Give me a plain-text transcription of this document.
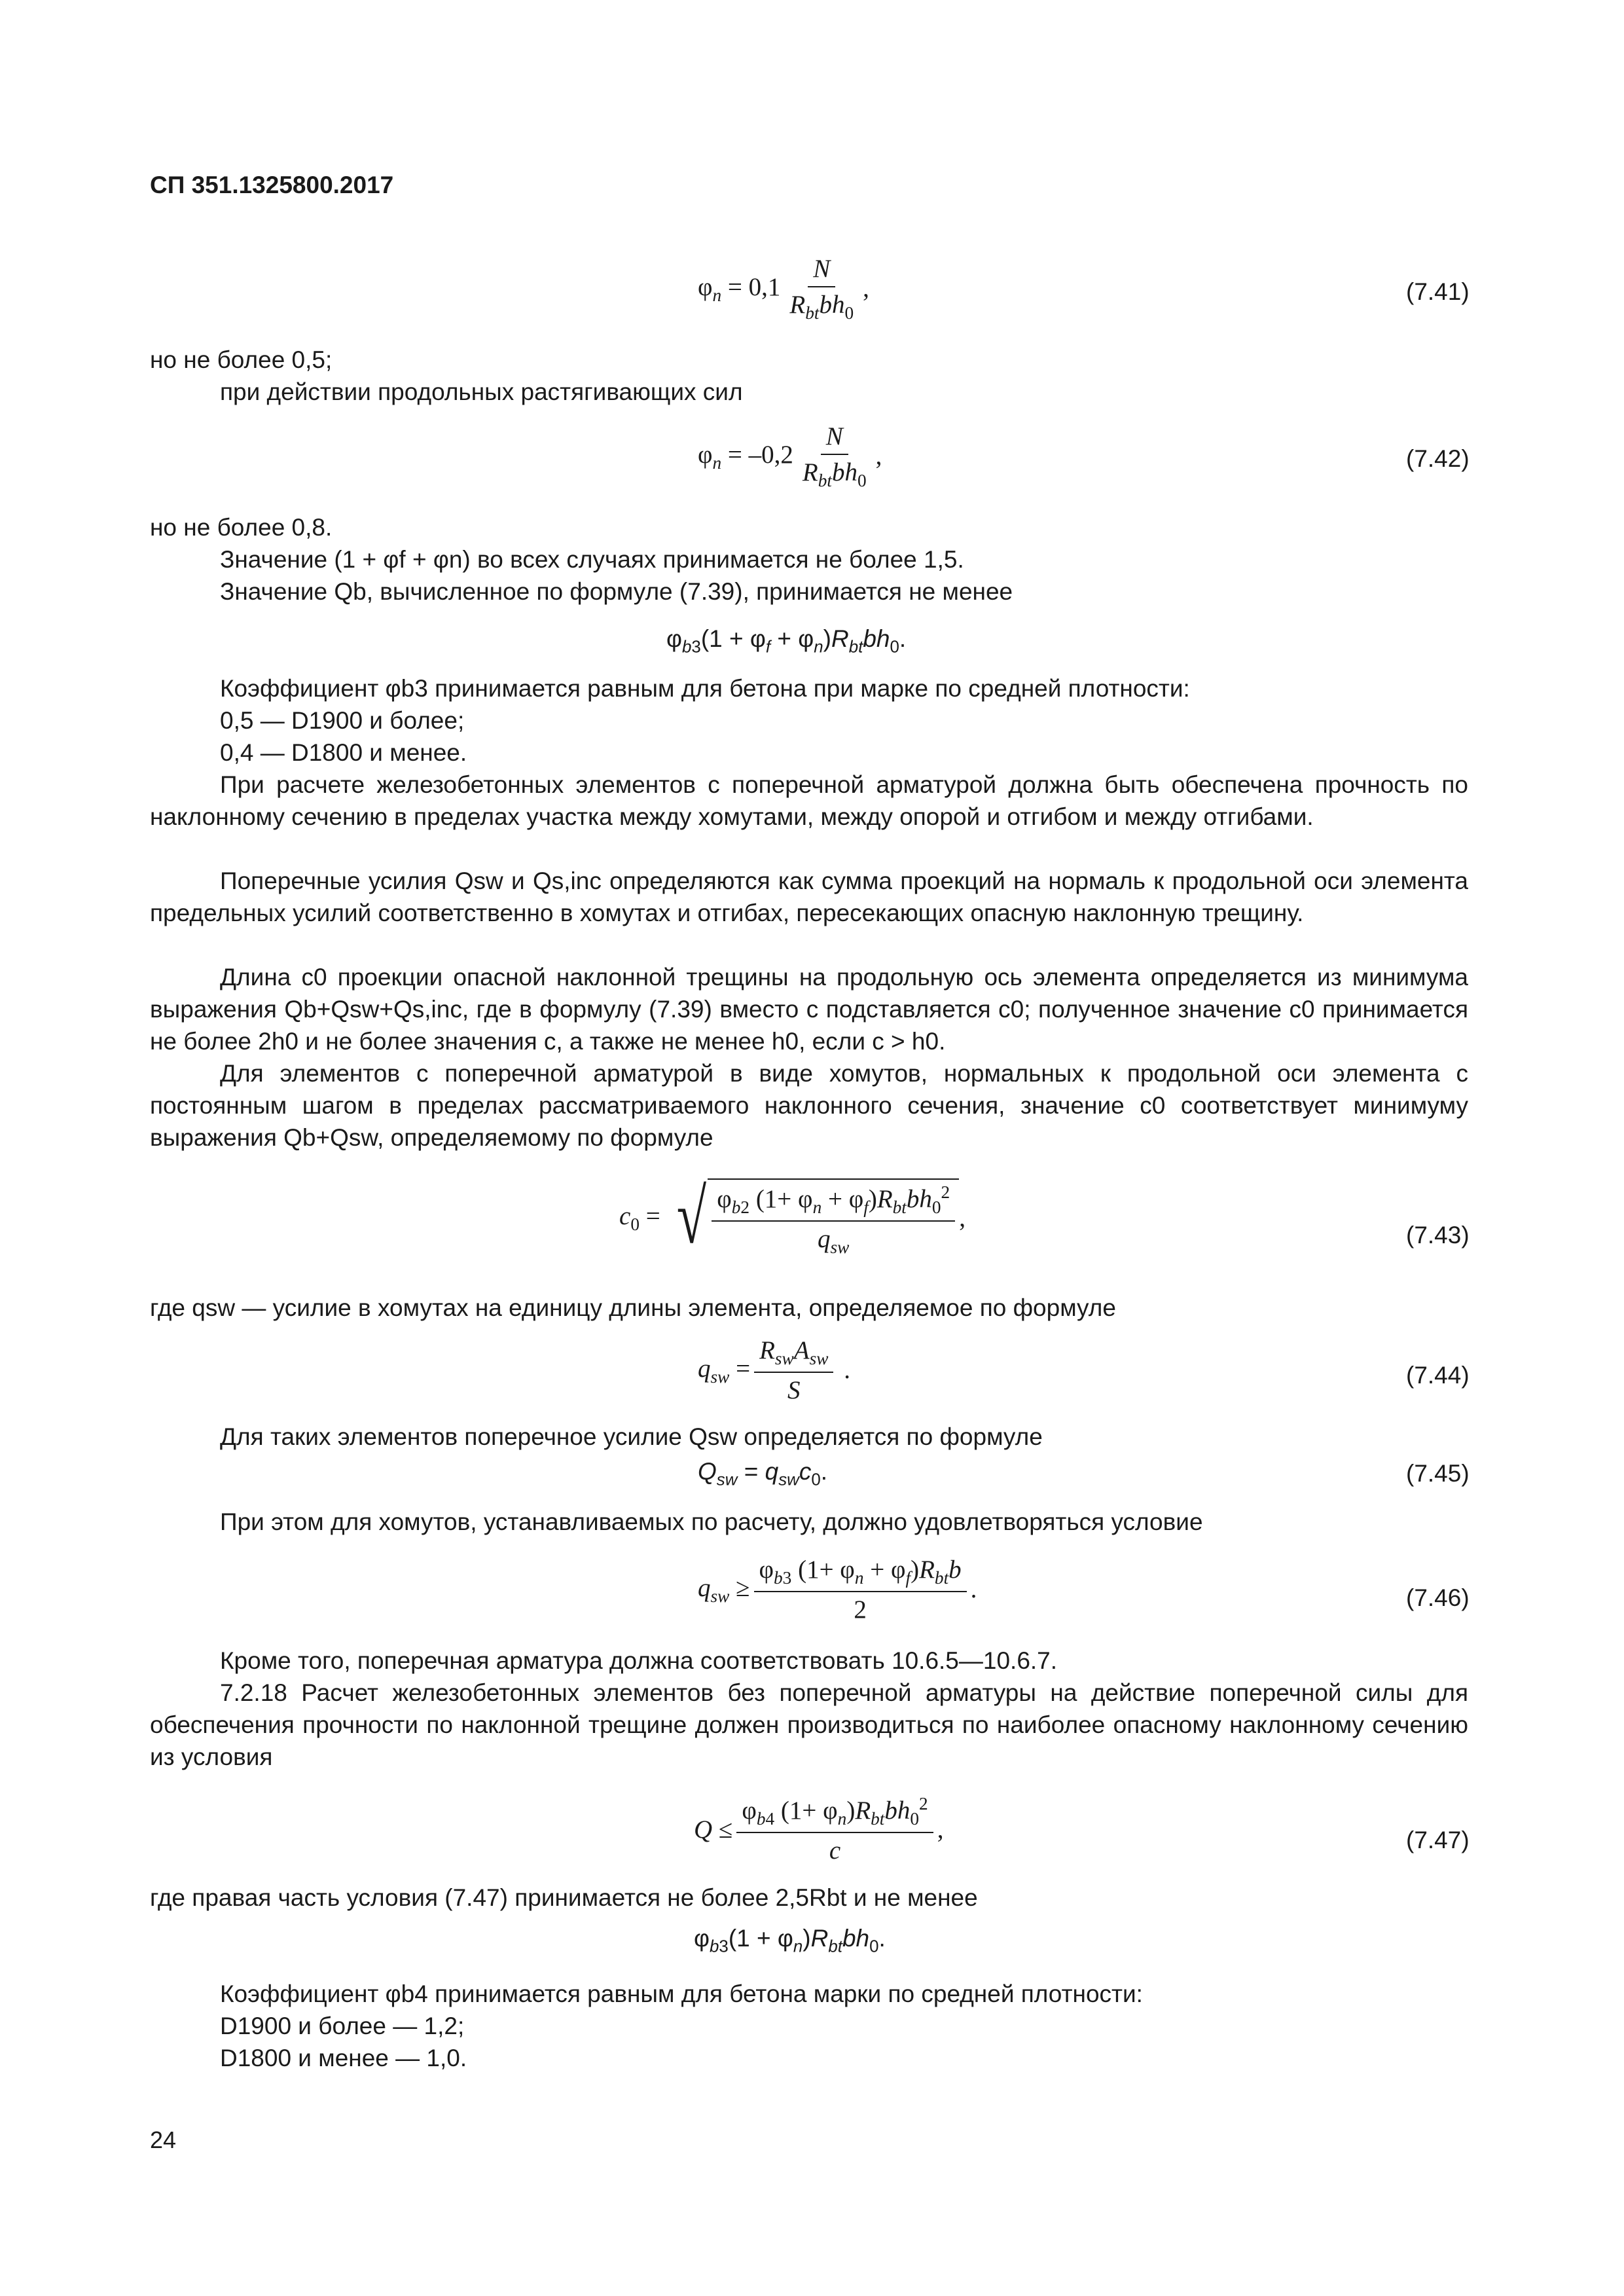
СП 351.1325800.2017
$\varphi_n = 0,1 \frac{N}{R_{bt}bh_0}$ ,	(7.41)
но не более 0,5;
при действии продольных растягивающих сил
$\varphi_n = -0,2 \frac{N}{R_{bt}bh_0}$ ,	(7.42)
но не более 0,8.
Значение (1 + φf + φn) во всех случаях принимается не более 1,5.
Значение Qb, вычисленное по формуле (7.39), принимается не менее
$\varphi_{b3}(1 + \varphi_f + \varphi_n)R_{bt}bh_0$.
Коэффициент φb3 принимается равным для бетона при марке по средней плотности:
0,5 — D1900 и более;
0,4 — D1800 и менее.
При расчете железобетонных элементов с поперечной арматурой должна быть обеспечена прочность по наклонному сечению в пределах участка между хомутами, между опорой и отгибом и между отгибами.
Поперечные усилия Qsw и Qs,inc определяются как сумма проекций на нормаль к продольной оси элемента предельных усилий соответственно в хомутах и отгибах, пересекающих опасную наклонную трещину.
Длина c0 проекции опасной наклонной трещины на продольную ось элемента определяется из минимума выражения Qb+Qsw+Qs,inc, где в формулу (7.39) вместо c подставляется c0; полученное значение c0 принимается не более 2h0 и не более значения c, а также не менее h0, если c > h0.
Для элементов с поперечной арматурой в виде хомутов, нормальных к продольной оси элемента с постоянным шагом в пределах рассматриваемого наклонного сечения, значение c0 соответствует минимуму выражения Qb+Qsw, определяемому по формуле
$c_0$ = √ $\frac{\varphi_{b2} (1+ \varphi_n + \varphi_f)R_{bt}bh_0^2}{q_{sw}}$ ,
(7.43)
где qsw — усилие в хомутах на единицу длины элемента, определяемое по формуле
$q_{sw} = \frac{R_{sw}A_{sw}}{S}$ .	(7.44)
Для таких элементов поперечное усилие Qsw определяется по формуле
$Q_{sw} = q_{sw}c_0$.	(7.45)
При этом для хомутов, устанавливаемых по расчету, должно удовлетворяться условие
$q_{sw} \ge \frac{\varphi_{b3} (1+ \varphi_n + \varphi_f)R_{bt}b}{2}$ .	(7.46)
Кроме того, поперечная арматура должна соответствовать 10.6.5—10.6.7.
7.2.18 Расчет железобетонных элементов без поперечной арматуры на действие поперечной силы для обеспечения прочности по наклонной трещине должен производиться по наиболее опасному наклонному сечению из условия
$Q \le \frac{\varphi_{b4} (1+ \varphi_n)R_{bt}bh_0^2}{c}$ ,	(7.47)
где правая часть условия (7.47) принимается не более 2,5Rbt и не менее
$\varphi_{b3}(1 + \varphi_n)R_{bt}bh_0$.
Коэффициент φb4 принимается равным для бетона марки по средней плотности:
D1900 и более — 1,2;
D1800 и менее — 1,0.
24
